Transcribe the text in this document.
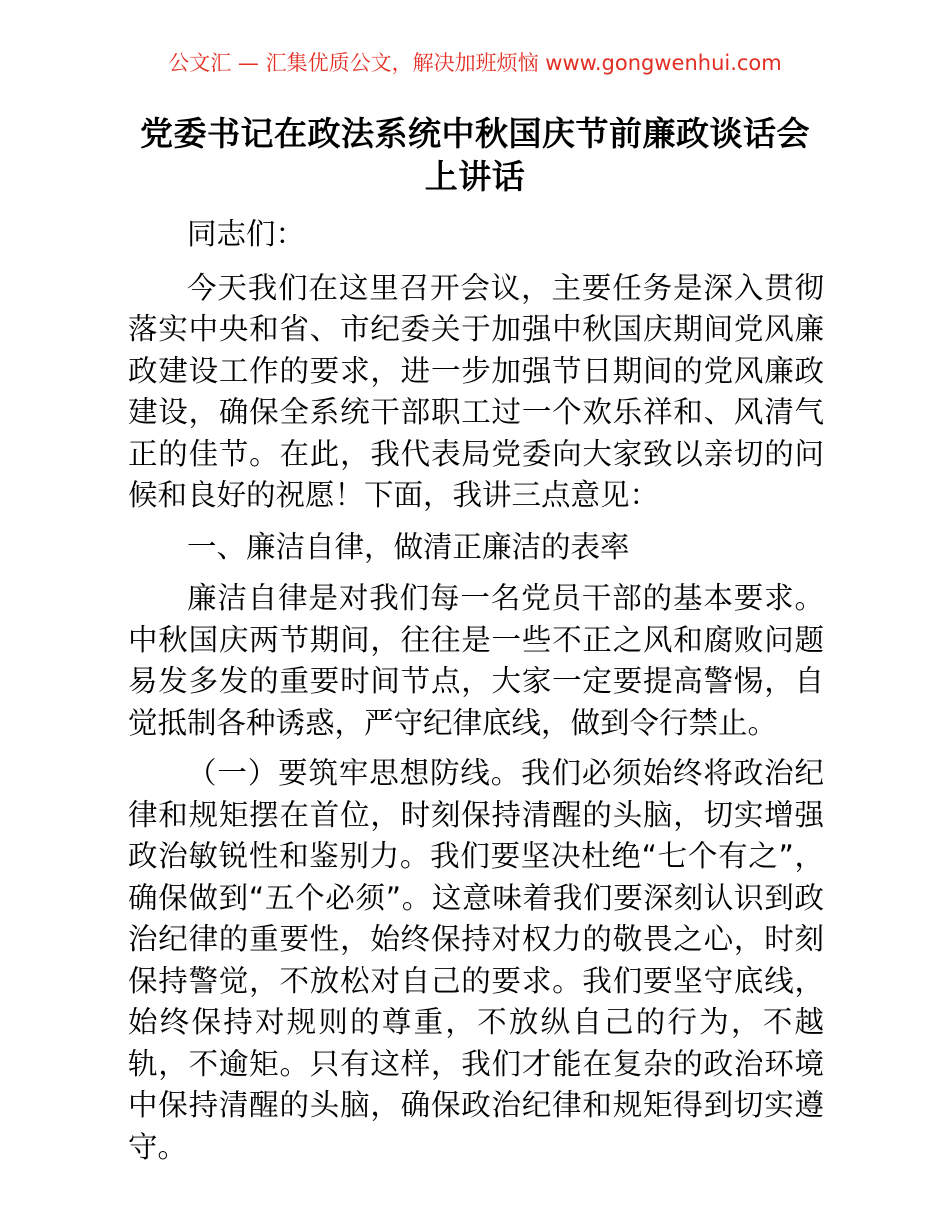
公文汇 — 汇集优质公文，解决加班烦恼 www.gongwenhui.com
党委书记在政法系统中秋国庆节前廉政谈话会
上讲话

同志们：

今天我们在这里召开会议，主要任务是深入贯彻落实中央和省、市纪委关于加强中秋国庆期间党风廉政建设工作的要求，进一步加强节日期间的党风廉政建设，确保全系统干部职工过一个欢乐祥和、风清气正的佳节。在此，我代表局党委向大家致以亲切的问候和良好的祝愿！下面，我讲三点意见：

一、廉洁自律，做清正廉洁的表率

廉洁自律是对我们每一名党员干部的基本要求。中秋国庆两节期间，往往是一些不正之风和腐败问题易发多发的重要时间节点，大家一定要提高警惕，自觉抵制各种诱惑，严守纪律底线，做到令行禁止。

（一）要筑牢思想防线。我们必须始终将政治纪律和规矩摆在首位，时刻保持清醒的头脑，切实增强政治敏锐性和鉴别力。我们要坚决杜绝“七个有之”，确保做到“五个必须”。这意味着我们要深刻认识到政治纪律的重要性，始终保持对权力的敬畏之心，时刻保持警觉，不放松对自己的要求。我们要坚守底线，始终保持对规则的尊重，不放纵自己的行为，不越轨，不逾矩。只有这样，我们才能在复杂的政治环境中保持清醒的头脑，确保政治纪律和规矩得到切实遵守。
